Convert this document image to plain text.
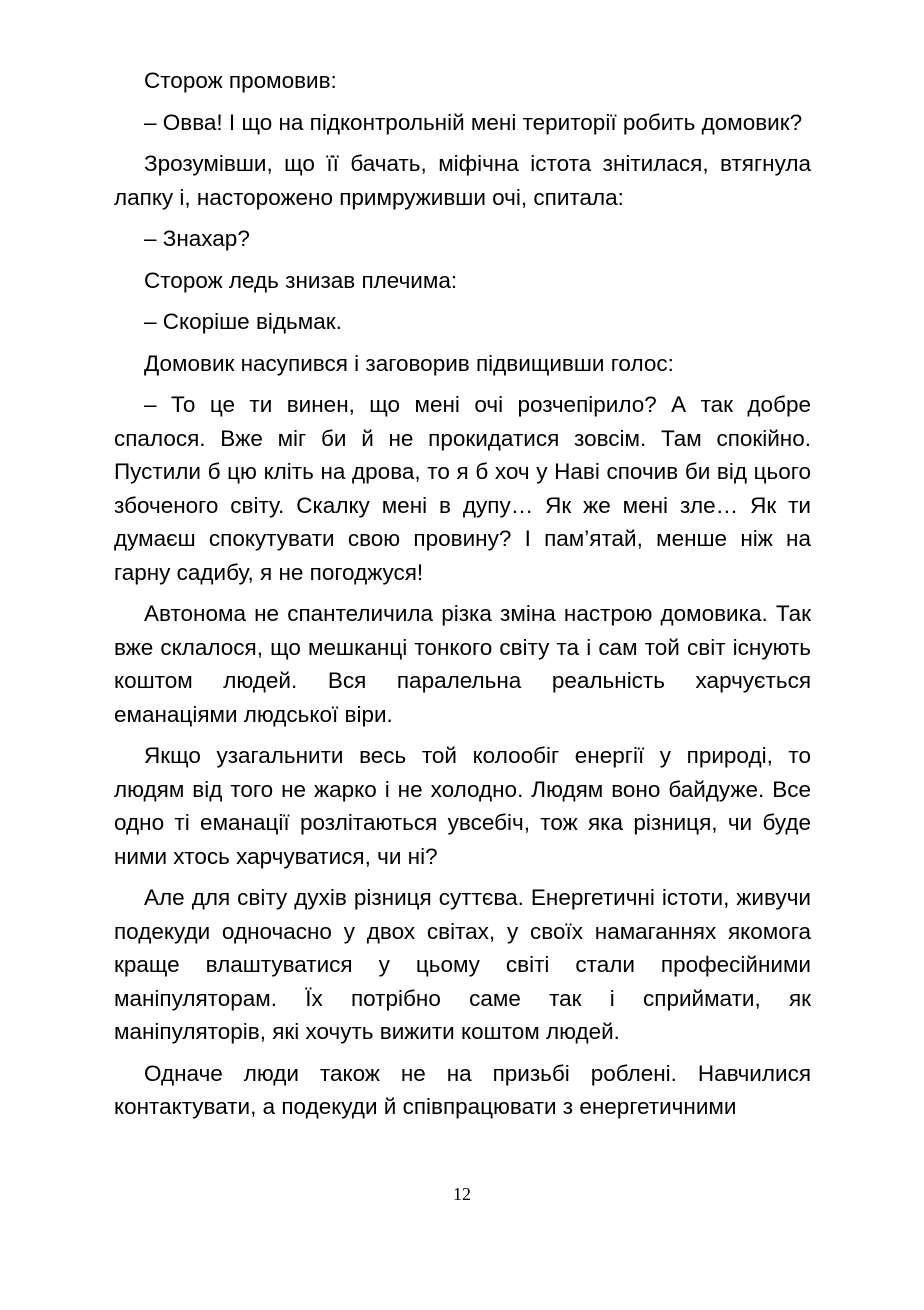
Сторож промовив:

– Овва! І що на підконтрольній мені території робить домовик?

Зрозумівши, що її бачать, міфічна істота знітилася, втягнула лапку і, насторожено примруживши очі, спитала:

– Знахар?

Сторож ледь знизав плечима:

– Скоріше відьмак.

Домовик насупився і заговорив підвищивши голос:

– То це ти винен, що мені очі розчепірило? А так добре спалося. Вже міг би й не прокидатися зовсім. Там спокійно. Пустили б цю кліть на дрова, то я б хоч у Наві спочив би від цього збоченого світу. Скалку мені в дупу… Як же мені зле… Як ти думаєш спокутувати свою провину? І пам’ятай, менше ніж на гарну садибу, я не погоджуся!

Автонома не спантеличила різка зміна настрою домовика. Так вже склалося, що мешканці тонкого світу та і сам той світ існують коштом людей. Вся паралельна реальність харчується еманаціями людської віри.

Якщо узагальнити весь той колообіг енергії у природі, то людям від того не жарко і не холодно. Людям воно байдуже. Все одно ті еманації розлітаються увсебіч, тож яка різниця, чи буде ними хтось харчуватися, чи ні?

Але для світу духів різниця суттєва. Енергетичні істоти, живучи подекуди одночасно у двох світах, у своїх намаганнях якомога краще влаштуватися у цьому світі стали професійними маніпуляторам. Їх потрібно саме так і сприймати, як маніпуляторів, які хочуть вижити коштом людей.

Одначе люди також не на призьбі роблені. Навчилися контактувати, а подекуди й співпрацювати з енергетичними

12
